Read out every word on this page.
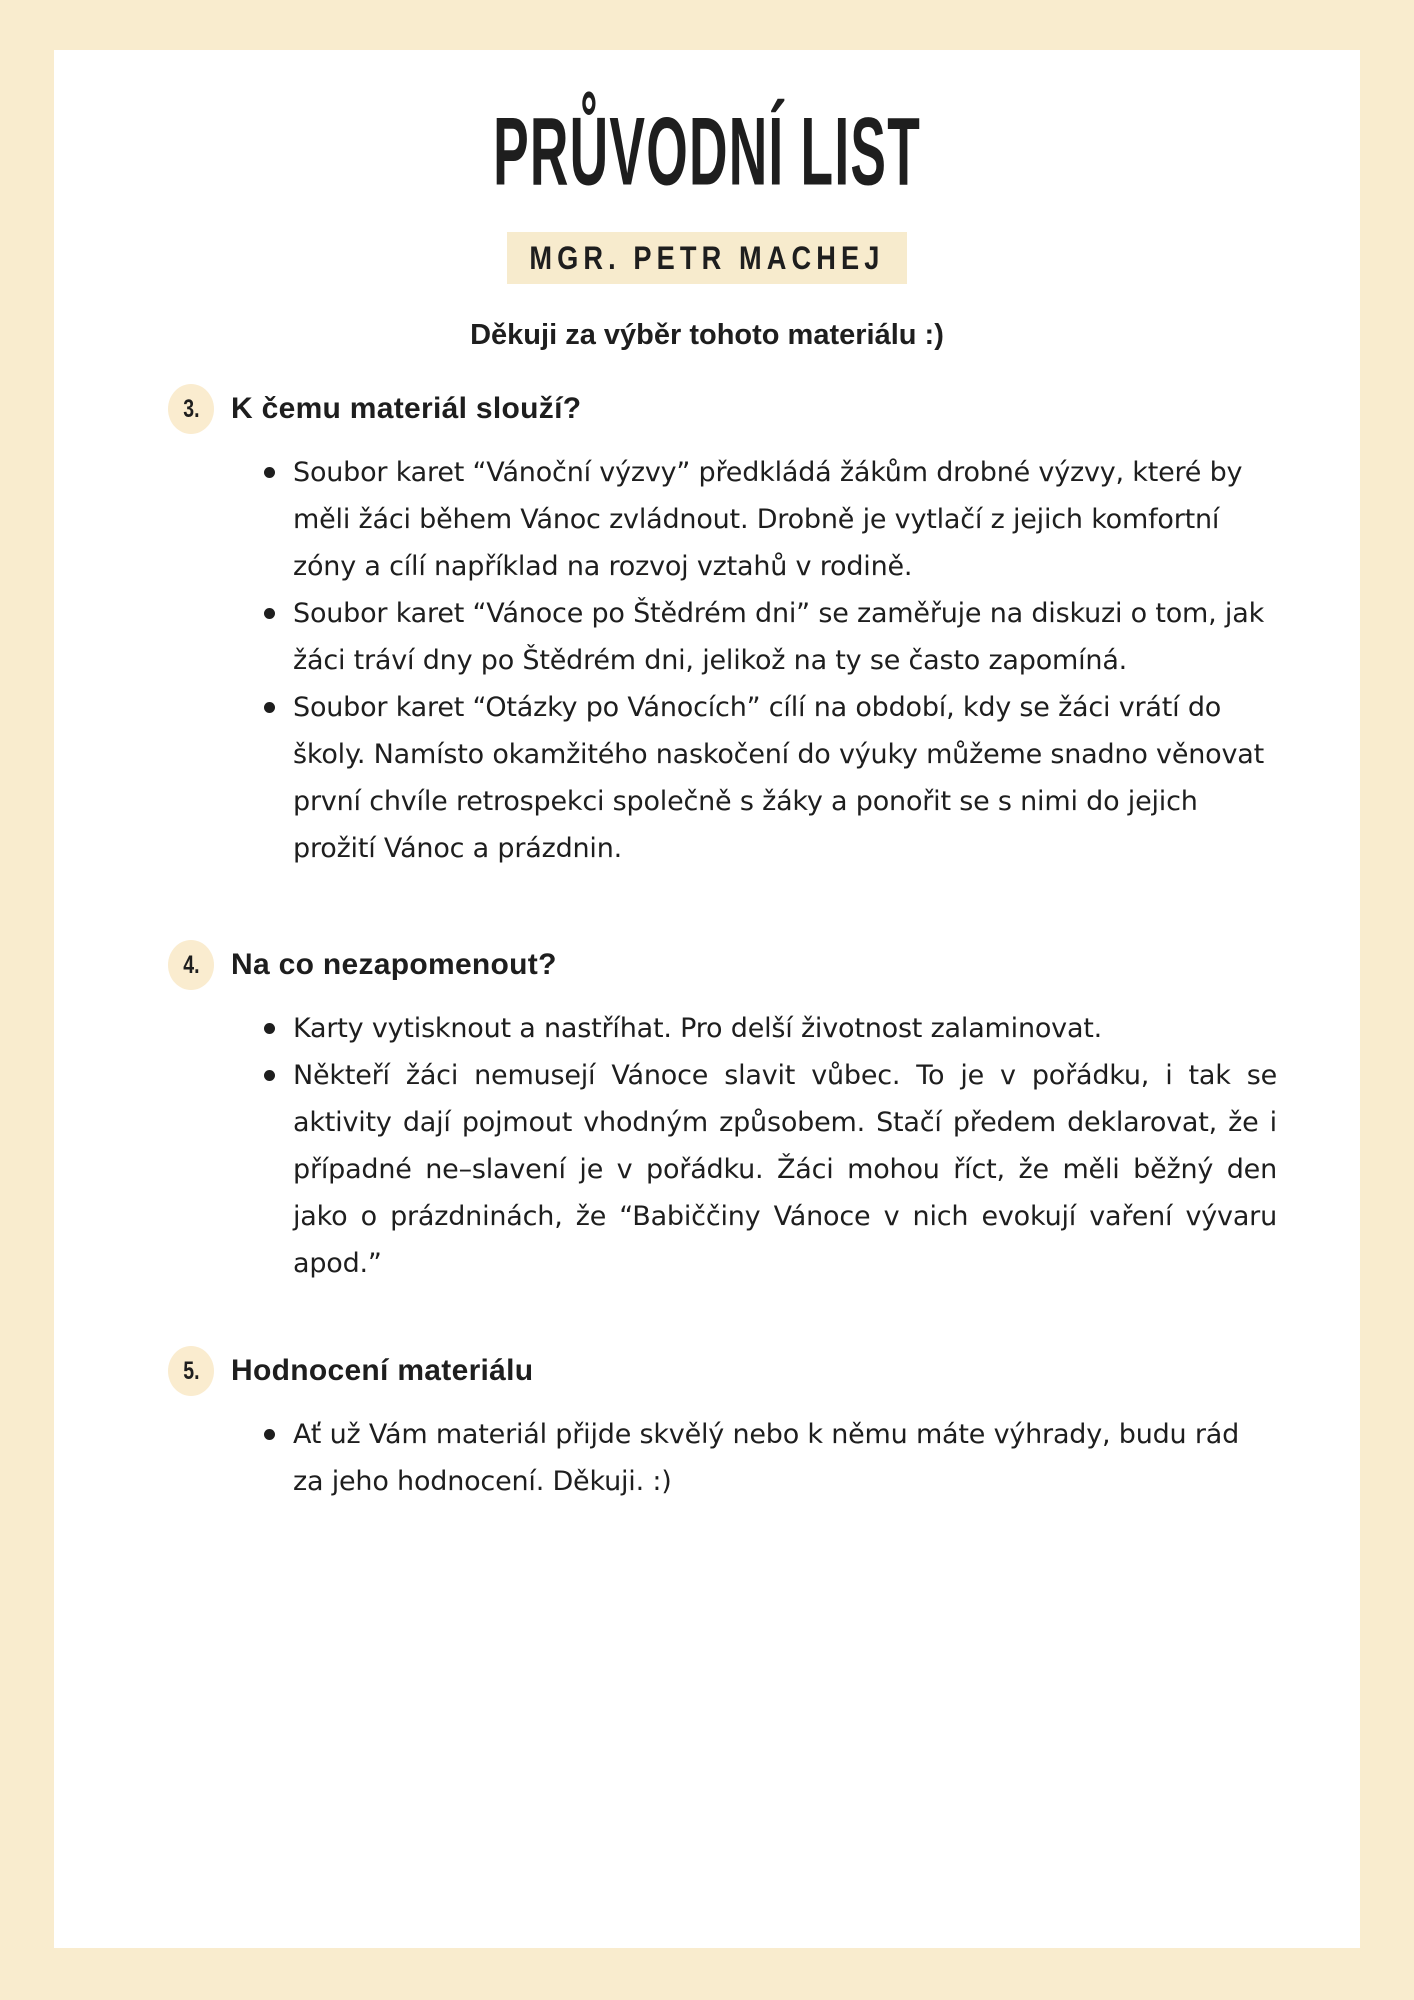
PRŮVODNÍ LIST
MGR. PETR MACHEJ

Děkuji za výběr tohoto materiálu :)

3. K čemu materiál slouží?
Soubor karet “Vánoční výzvy” předkládá žákům drobné výzvy, které by měli žáci během Vánoc zvládnout. Drobně je vytlačí z jejich komfortní zóny a cílí například na rozvoj vztahů v rodině.
Soubor karet “Vánoce po Štědrém dni” se zaměřuje na diskuzi o tom, jak žáci tráví dny po Štědrém dni, jelikož na ty se často zapomíná.
Soubor karet “Otázky po Vánocích” cílí na období, kdy se žáci vrátí do školy. Namísto okamžitého naskočení do výuky můžeme snadno věnovat první chvíle retrospekci společně s žáky a ponořit se s nimi do jejich prožití Vánoc a prázdnin.
4. Na co nezapomenout?
Karty vytisknout a nastříhat. Pro delší životnost zalaminovat.
Někteří žáci nemusejí Vánoce slavit vůbec. To je v pořádku, i tak se aktivity dají pojmout vhodným způsobem. Stačí předem deklarovat, že i případné ne–slavení je v pořádku. Žáci mohou říct, že měli běžný den jako o prázdninách, že “Babiččiny Vánoce v nich evokují vaření vývaru apod.”
5. Hodnocení materiálu
Ať už Vám materiál přijde skvělý nebo k němu máte výhrady, budu rád za jeho hodnocení. Děkuji. :)
